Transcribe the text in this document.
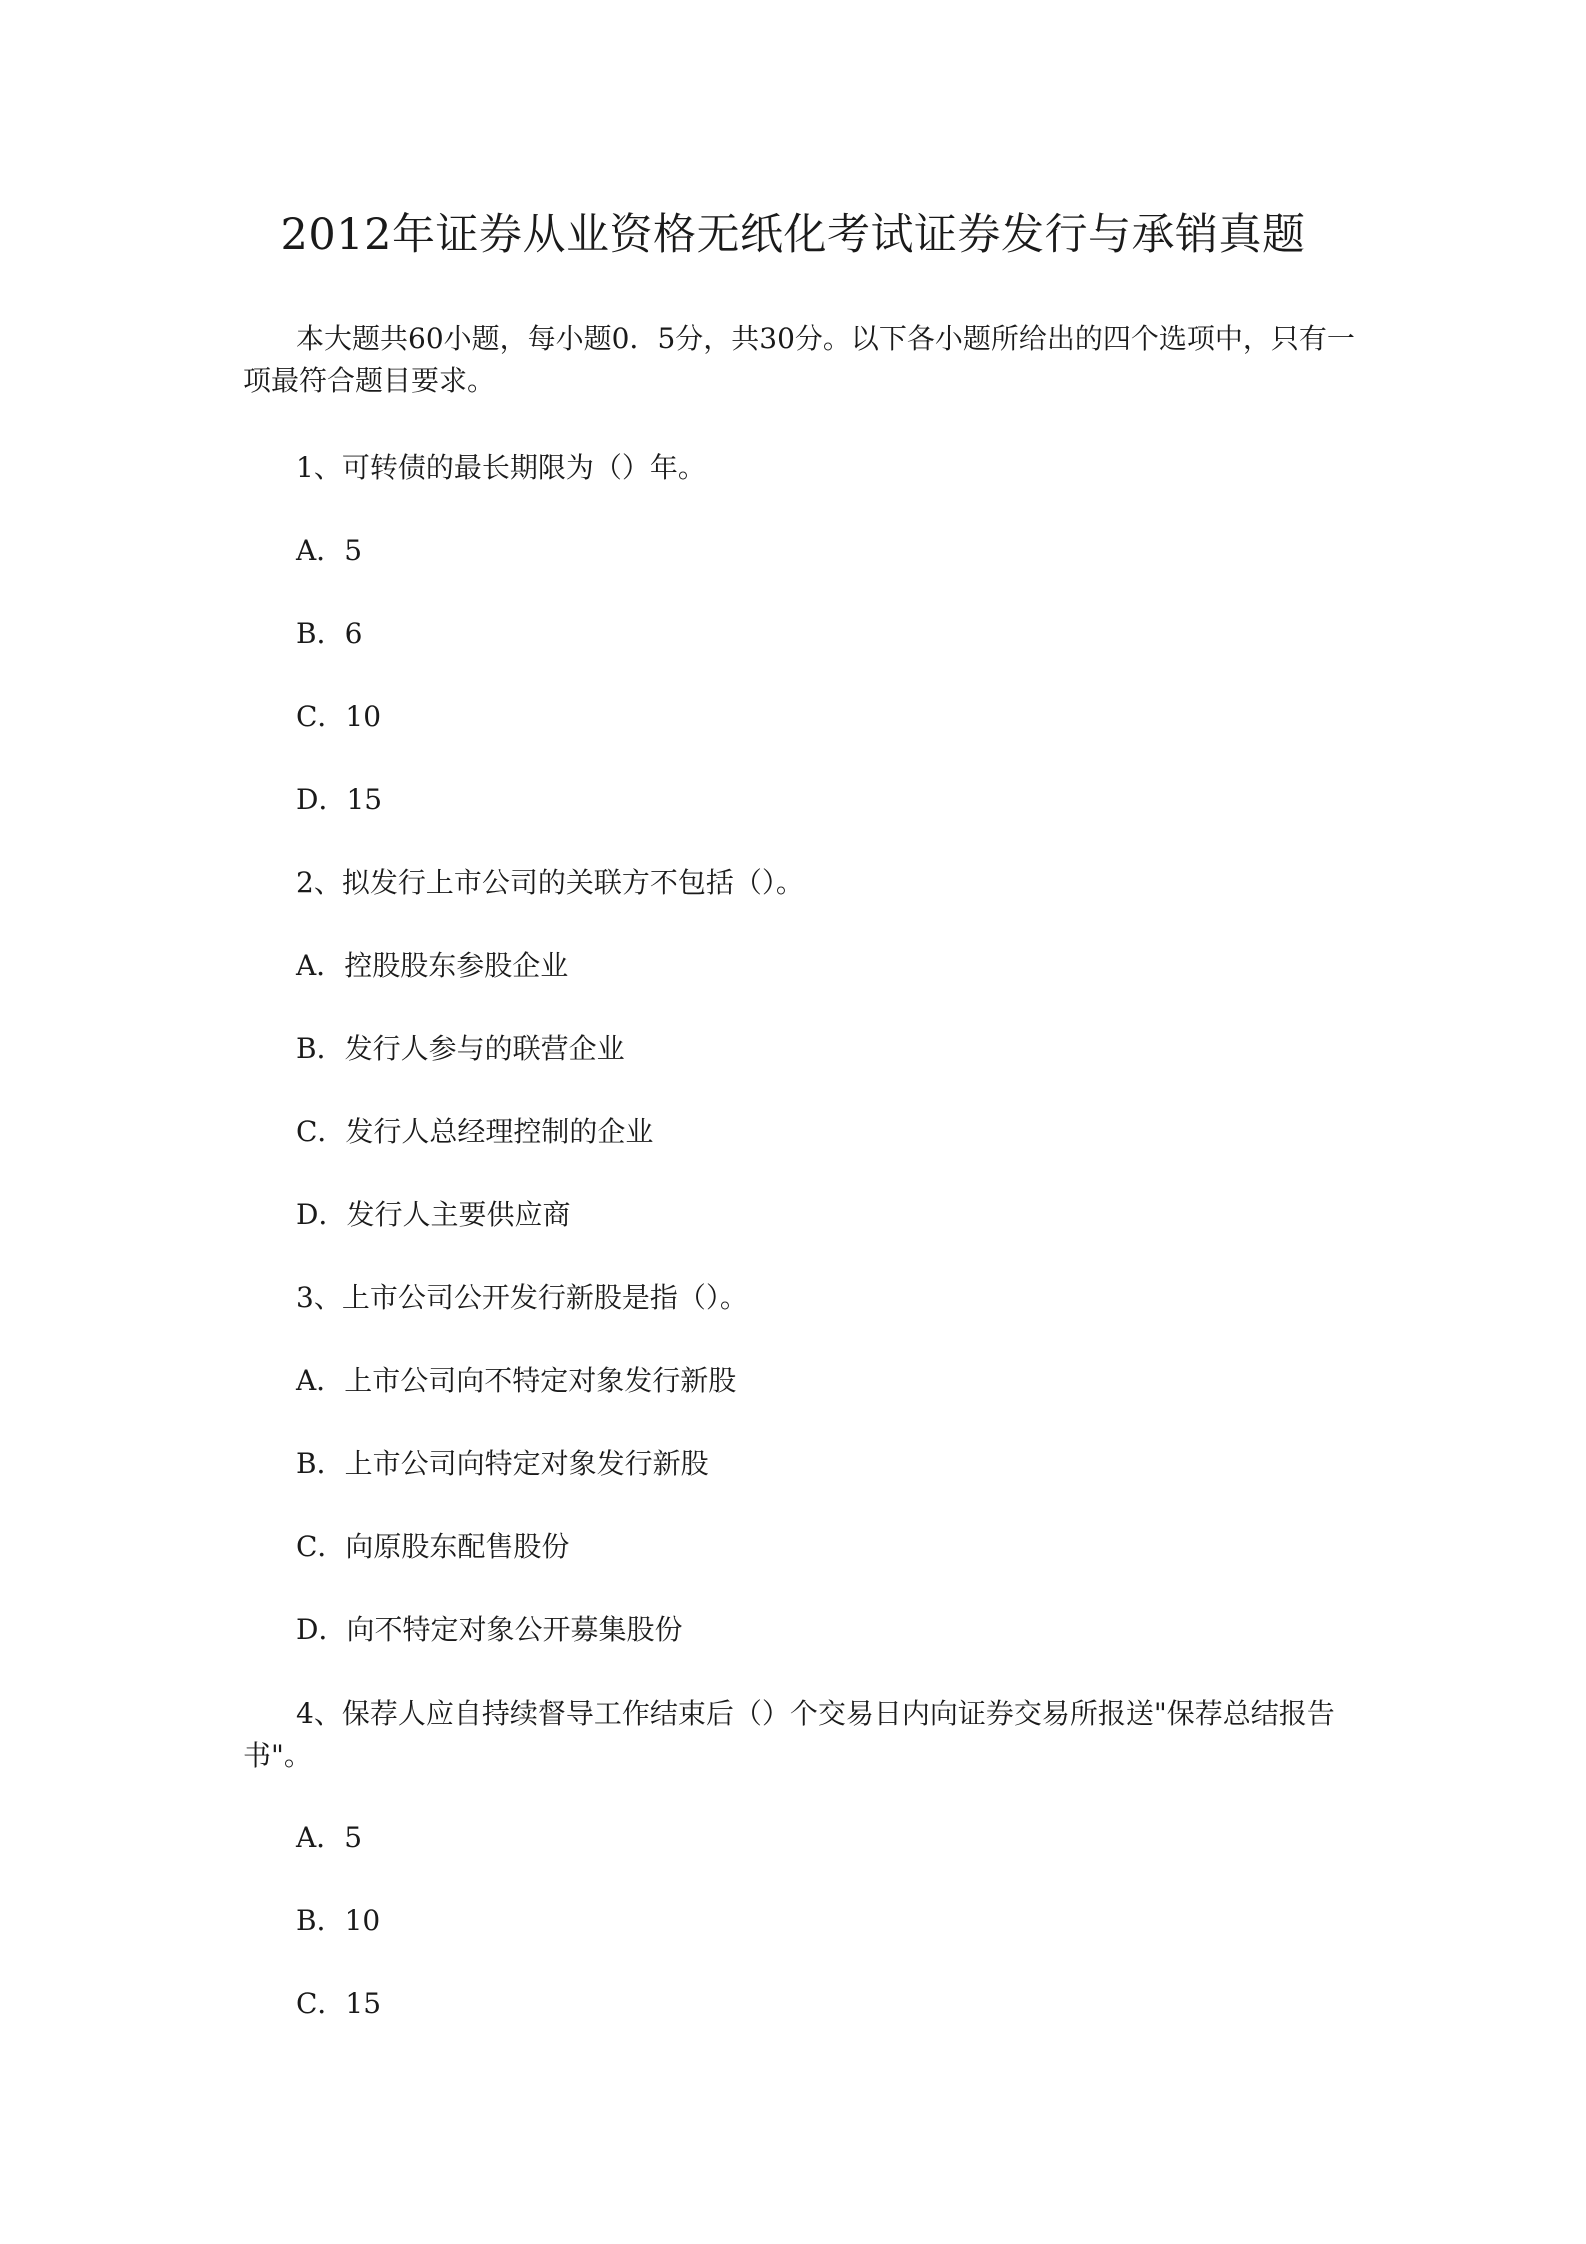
2012年证券从业资格无纸化考试证券发行与承销真题

本大题共60小题，每小题0．5分，共30分。以下各小题所给出的四个选项中，只有一项最符合题目要求。

1、可转债的最长期限为（）年。

A．5

B．6

C．10

D．15

2、拟发行上市公司的关联方不包括（）。

A．控股股东参股企业

B．发行人参与的联营企业

C．发行人总经理控制的企业

D．发行人主要供应商

3、上市公司公开发行新股是指（）。

A．上市公司向不特定对象发行新股

B．上市公司向特定对象发行新股

C．向原股东配售股份

D．向不特定对象公开募集股份

4、保荐人应自持续督导工作结束后（）个交易日内向证券交易所报送"保荐总结报告书"。

A．5

B．10

C．15
